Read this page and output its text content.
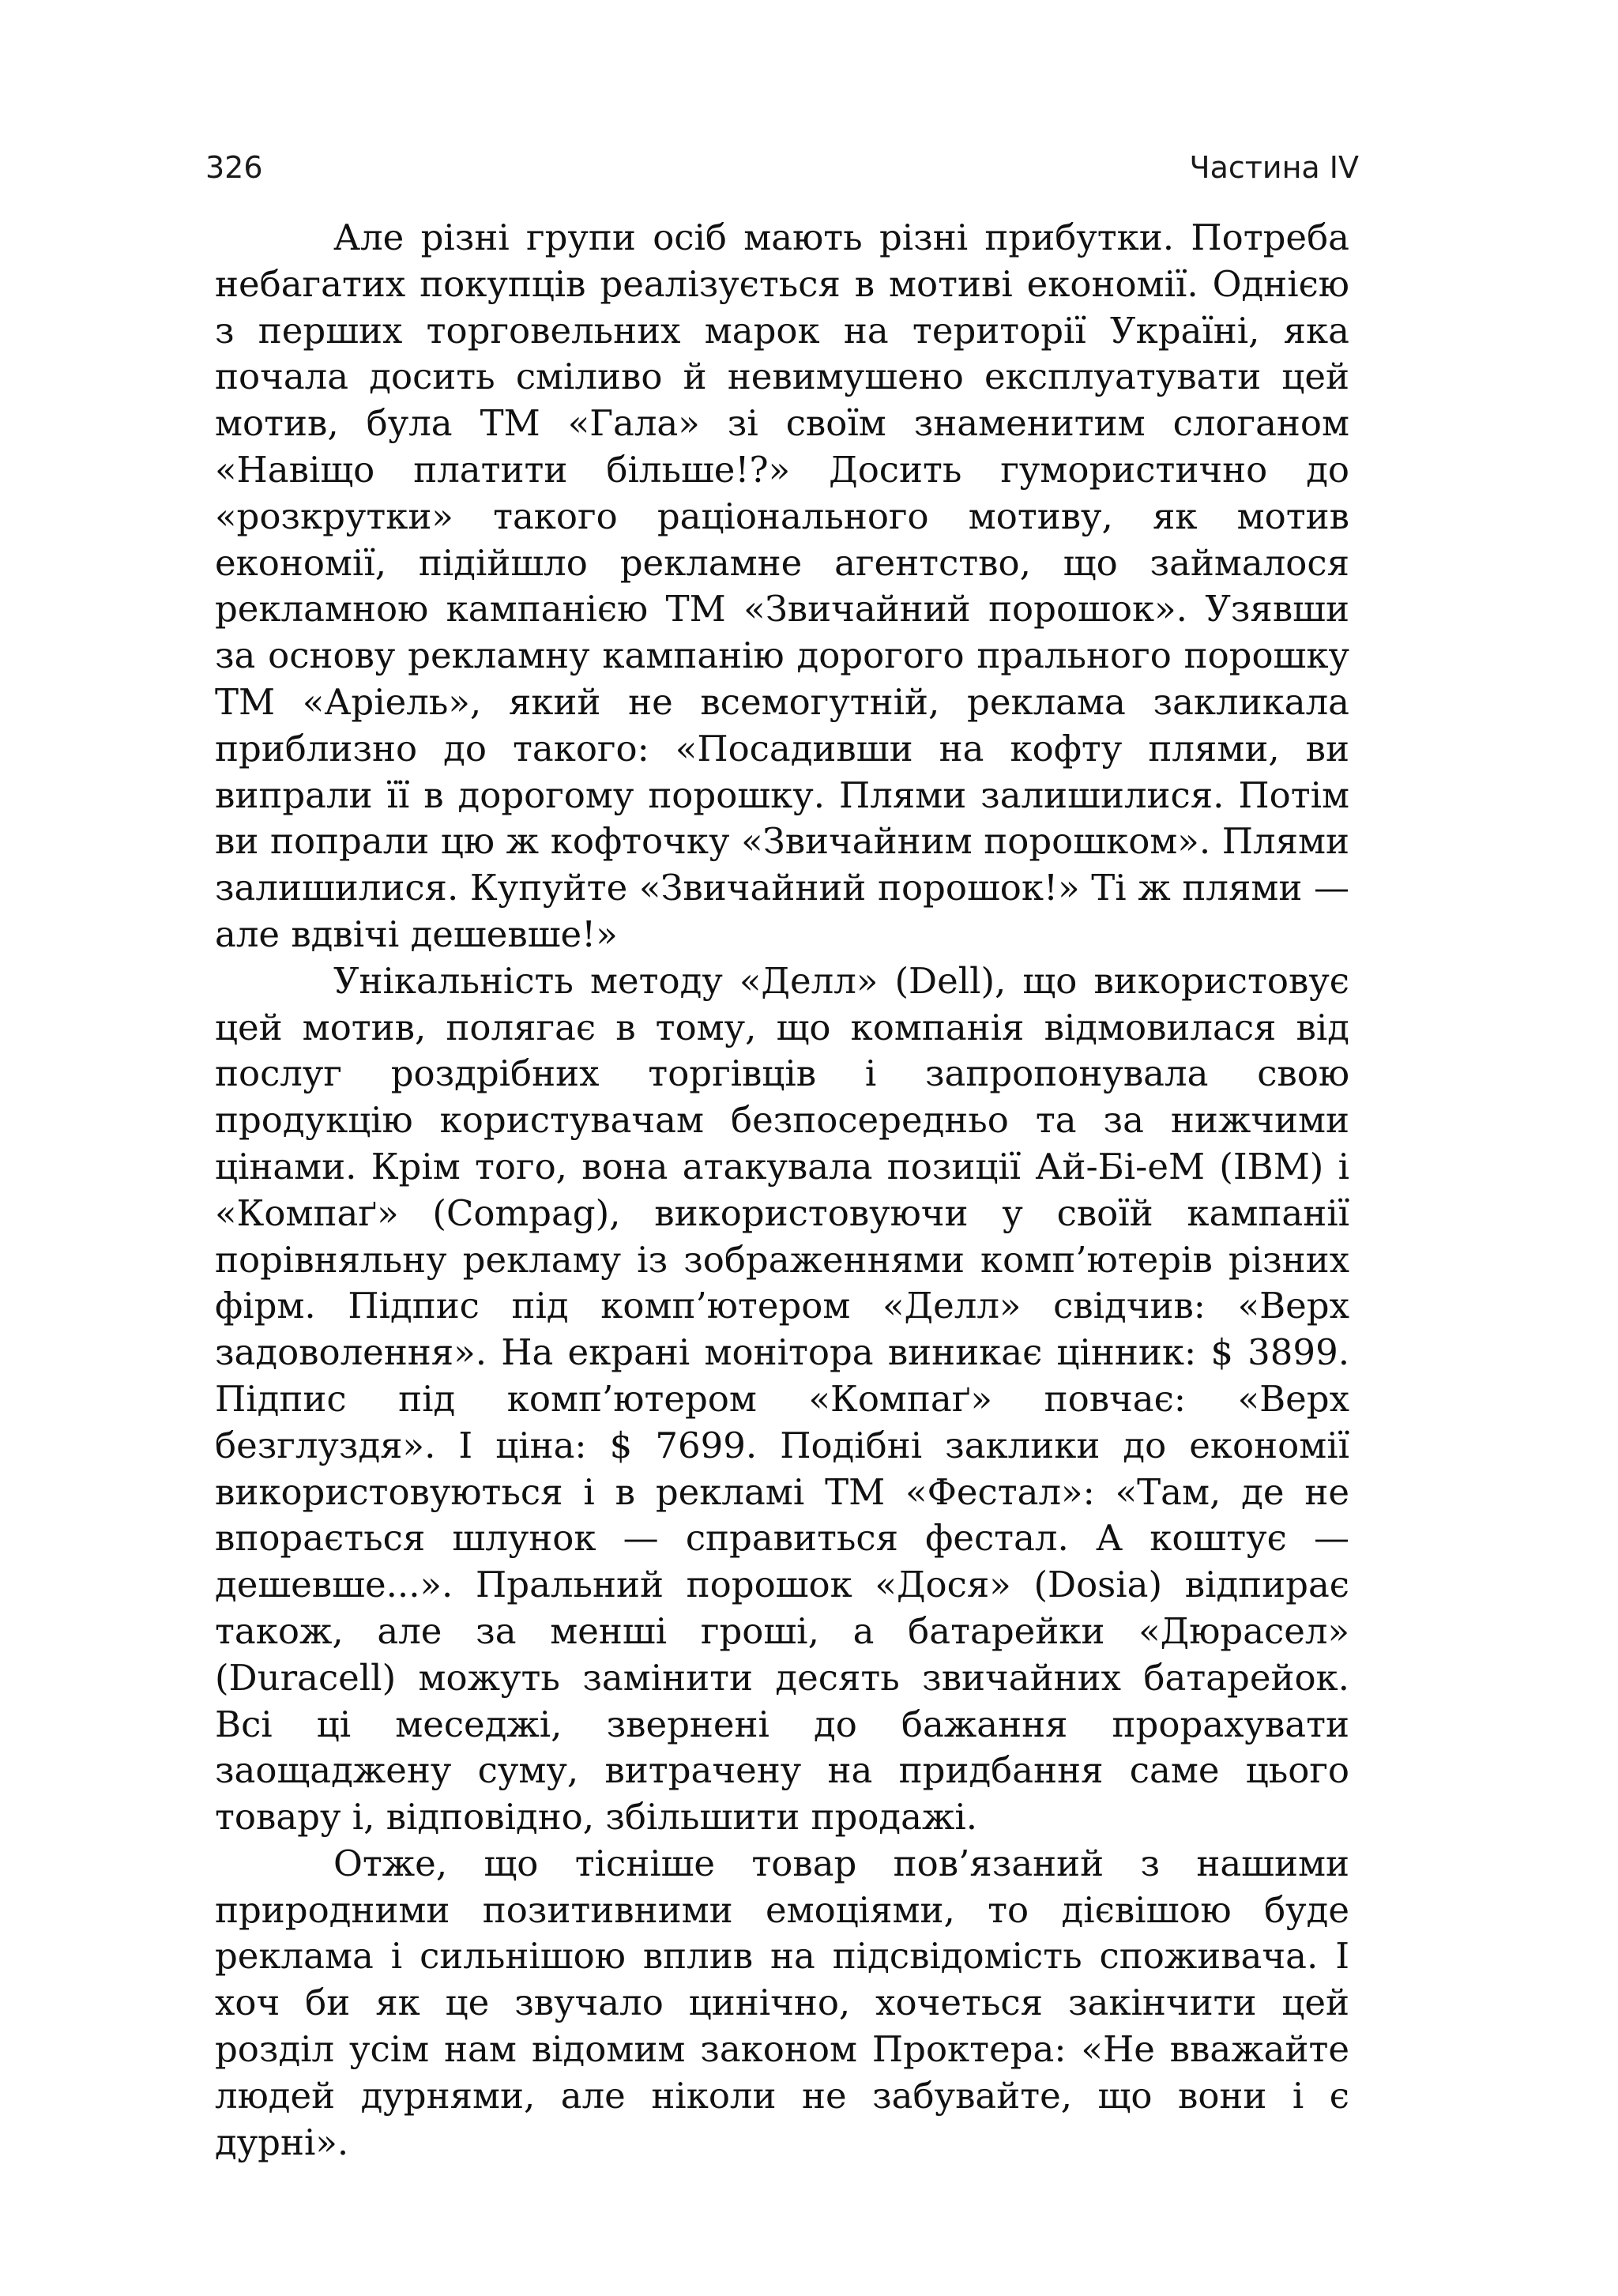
326	Частина IV

Але різні групи осіб мають різні прибутки. Потреба небагатих покупців реалізується в мотиві економії. Однією з перших торговельних марок на території Україні, яка почала досить сміливо й невимушено експлуатувати цей мотив, була ТМ «Гала» зі своїм знаменитим слоганом «Навіщо платити більше!?» Досить гумористично до «розкрутки» такого раціонального мотиву, як мотив економії, підійшло рекламне агентство, що займалося рекламною кампанією ТМ «Звичайний порошок». Узявши за основу рекламну кампанію дорогого прального порошку ТМ «Аріель», який не всемогутній, реклама закликала приблизно до такого: «Посадивши на кофту плями, ви випрали її в дорогому порошку. Плями залишилися. Потім ви попрали цю ж кофточку «Звичайним порошком». Плями залишилися. Купуйте «Звичайний порошок!» Ті ж плями — але вдвічі дешевше!»

Унікальність методу «Делл» (Dell), що використовує цей мотив, полягає в тому, що компанія відмовилася від послуг роздрібних торгівців і запропонувала свою продукцію користувачам безпосередньо та за нижчими цінами. Крім того, вона атакувала позиції Ай-Бі-еМ (IBM) і «Компаґ» (Compag), використовуючи у своїй кампанії порівняльну рекламу із зображеннями комп’ютерів різних фірм. Підпис під комп’ютером «Делл» свідчив: «Верх задоволення». На екрані монітора виникає цінник: $ 3899. Підпис під комп’ютером «Компаґ» повчає: «Верх безглуздя». І ціна: $ 7699. Подібні заклики до економії використовуються і в рекламі ТМ «Фестал»: «Там, де не впорається шлунок — справиться фестал. А коштує — дешевше...». Пральний порошок «Дося» (Dosia) відпирає також, але за менші гроші, а батарейки «Дюрасел» (Duracell) можуть замінити десять звичайних батарейок. Всі ці меседжі, звернені до бажання прорахувати заощаджену суму, витрачену на придбання саме цього товару і, відповідно, збільшити продажі.

Отже, що тісніше товар пов’язаний з нашими природними позитивними емоціями, то дієвішою буде реклама і сильнішою вплив на підсвідомість споживача. І хоч би як це звучало цинічно, хочеться закінчити цей розділ усім нам відомим законом Проктера: «Не вважайте людей дурнями, але ніколи не забувайте, що вони і є дурні».
